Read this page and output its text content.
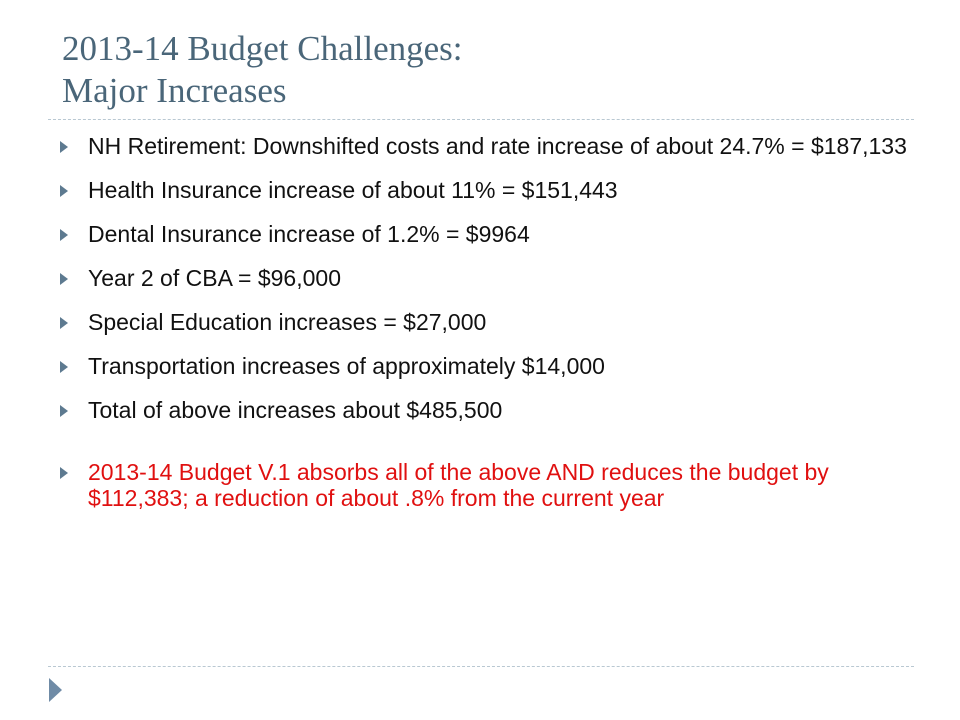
2013-14 Budget Challenges:
Major Increases
NH Retirement: Downshifted costs and rate increase of about 24.7% = $187,133
Health Insurance increase of about 11% = $151,443
Dental Insurance increase of 1.2% = $9964
Year 2 of CBA = $96,000
Special Education increases = $27,000
Transportation increases of approximately $14,000
Total of above increases about $485,500
2013-14 Budget V.1 absorbs all of the above AND reduces the budget by $112,383; a reduction of about .8% from the current year
